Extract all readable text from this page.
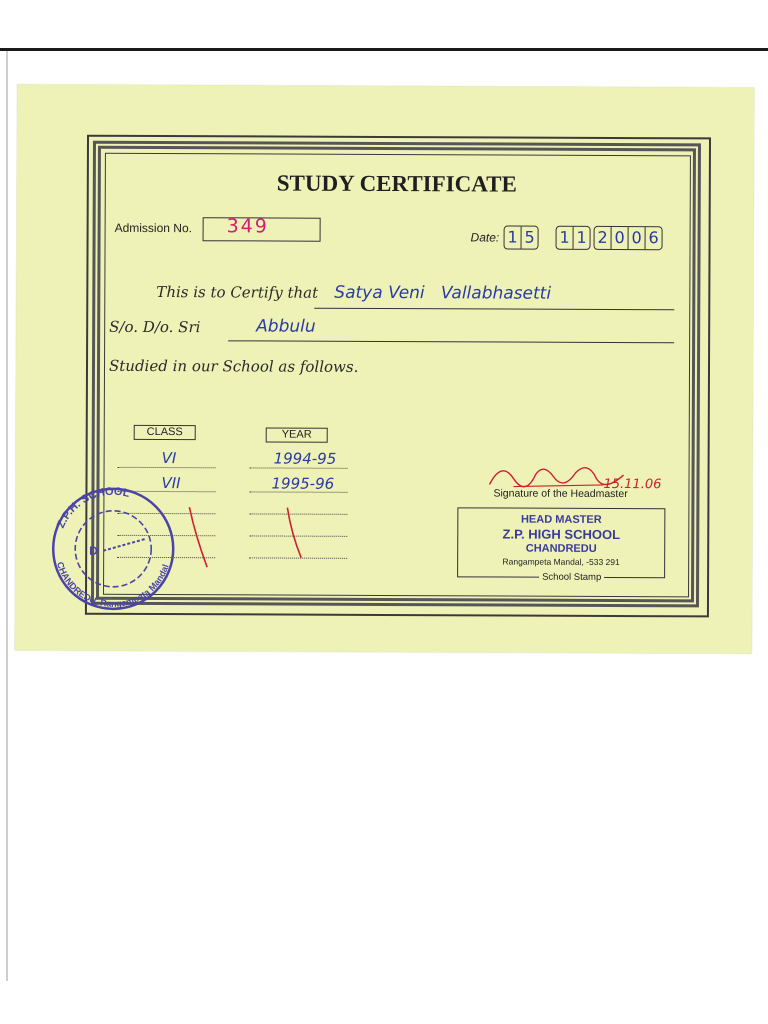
STUDY CERTIFICATE
Admission No. 349	Date: 1 5 1 1 2 0 0 6
This is to Certify that Satya Veni   Vallabhasetti
S/o. D/o. Sri	Abbulu
Studied in our School as follows.
CLASS	YEAR
VI	1994-95
VII	1995-96	15.11.06
Signature of the Headmaster
HEAD MASTER
Z.P. HIGH SCHOOL
CHANDREDU
Rangampeta Mandal, -533 291
School Stamp
Z.P.H. SCHOOL
CHANDREDU, Rangampeta Mandal
D
